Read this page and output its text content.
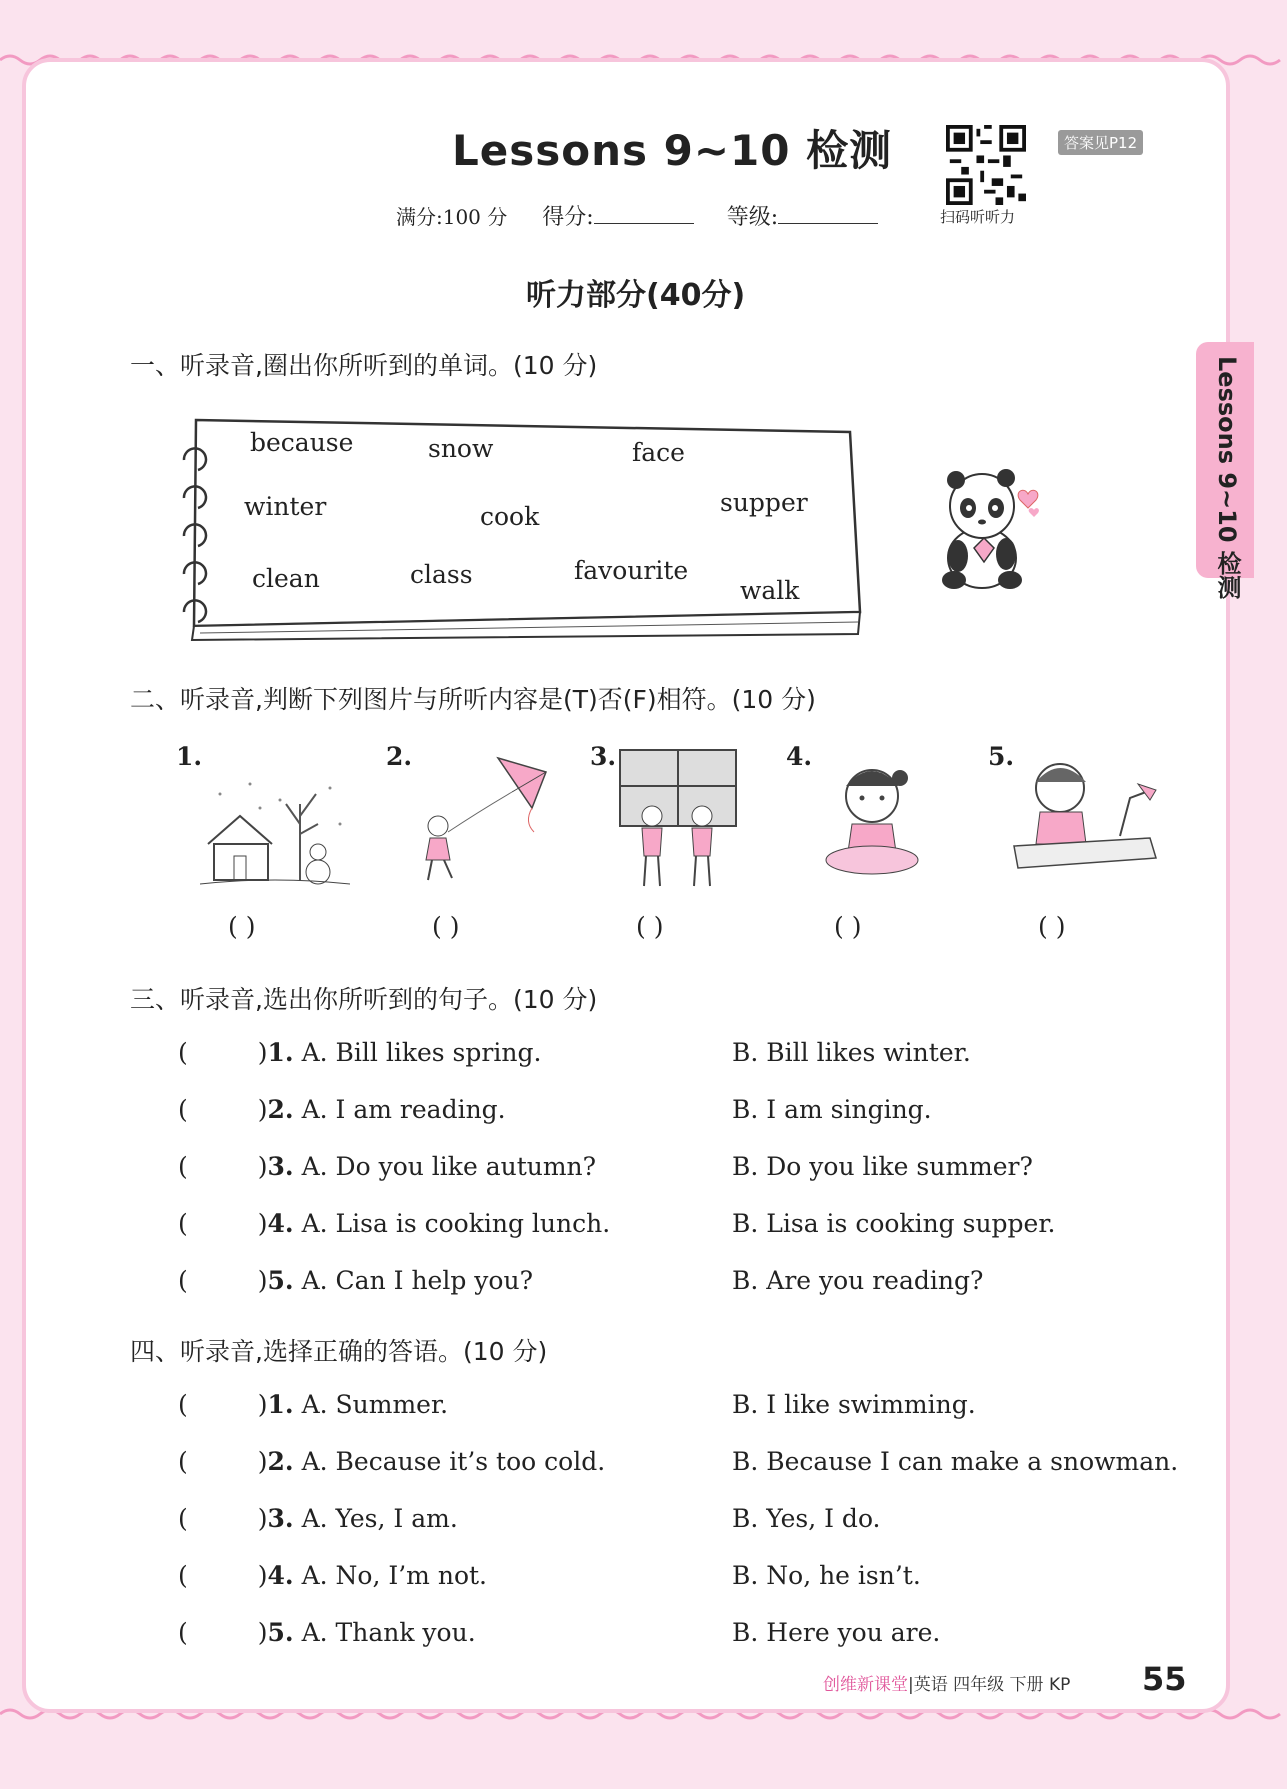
Lessons 9~10 检测
扫码听听力
答案见P12
满分:100 分 得分:	等级:
听力部分(40分)
Lessons 9~10 检测
一、听录音,圈出你所听到的单词。(10 分)
because	snow	face
winter	cook	supper
clean	class	favourite
walk
二、听录音,判断下列图片与所听内容是(T)否(F)相符。(10 分)
1.	2.	3.	4.	5.
( )	( )	( )	( )	( )
三、听录音,选出你所听到的句子。(10 分)
(	)1. A. Bill likes spring.	B. Bill likes winter.
(	)2. A. I am reading.	B. I am singing.
(	)3. A. Do you like autumn?	B. Do you like summer?
(	)4. A. Lisa is cooking lunch.	B. Lisa is cooking supper.
(	)5. A. Can I help you?	B. Are you reading?
四、听录音,选择正确的答语。(10 分)
(	)1. A. Summer.	B. I like swimming.
(	)2. A. Because it’s too cold.	B. Because I can make a snowman.
(	)3. A. Yes, I am.	B. Yes, I do.
(	)4. A. No, I’m not.	B. No, he isn’t.
(	)5. A. Thank you.	B. Here you are.
创维新课堂|英语 四年级 下册 KP 55
